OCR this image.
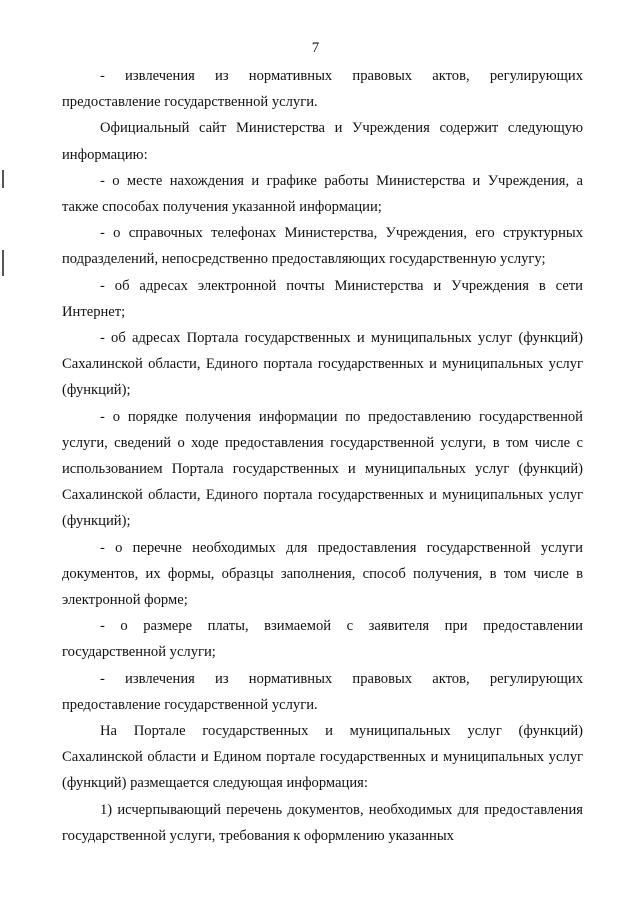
7

- извлечения из нормативных правовых актов, регулирующих предоставление государственной услуги.

Официальный сайт Министерства и Учреждения содержит следующую информацию:

- о месте нахождения и графике работы Министерства и Учреждения, а также способах получения указанной информации;

- о справочных телефонах Министерства, Учреждения, его структурных подразделений, непосредственно предоставляющих государственную услугу;

- об адресах электронной почты Министерства и Учреждения в сети Интернет;

- об адресах Портала государственных и муниципальных услуг (функций) Сахалинской области, Единого портала государственных и муниципальных услуг (функций);

- о порядке получения информации по предоставлению государственной услуги, сведений о ходе предоставления государственной услуги, в том числе с использованием Портала государственных и муниципальных услуг (функций) Сахалинской области, Единого портала государственных и муниципальных услуг (функций);

- о перечне необходимых для предоставления государственной услуги документов, их формы, образцы заполнения, способ получения, в том числе в электронной форме;

- о размере платы, взимаемой с заявителя при предоставлении государственной услуги;

- извлечения из нормативных правовых актов, регулирующих предоставление государственной услуги.

На Портале государственных и муниципальных услуг (функций) Сахалинской области и Едином портале государственных и муниципальных услуг (функций) размещается следующая информация:

1) исчерпывающий перечень документов, необходимых для предоставления государственной услуги, требования к оформлению указанных
